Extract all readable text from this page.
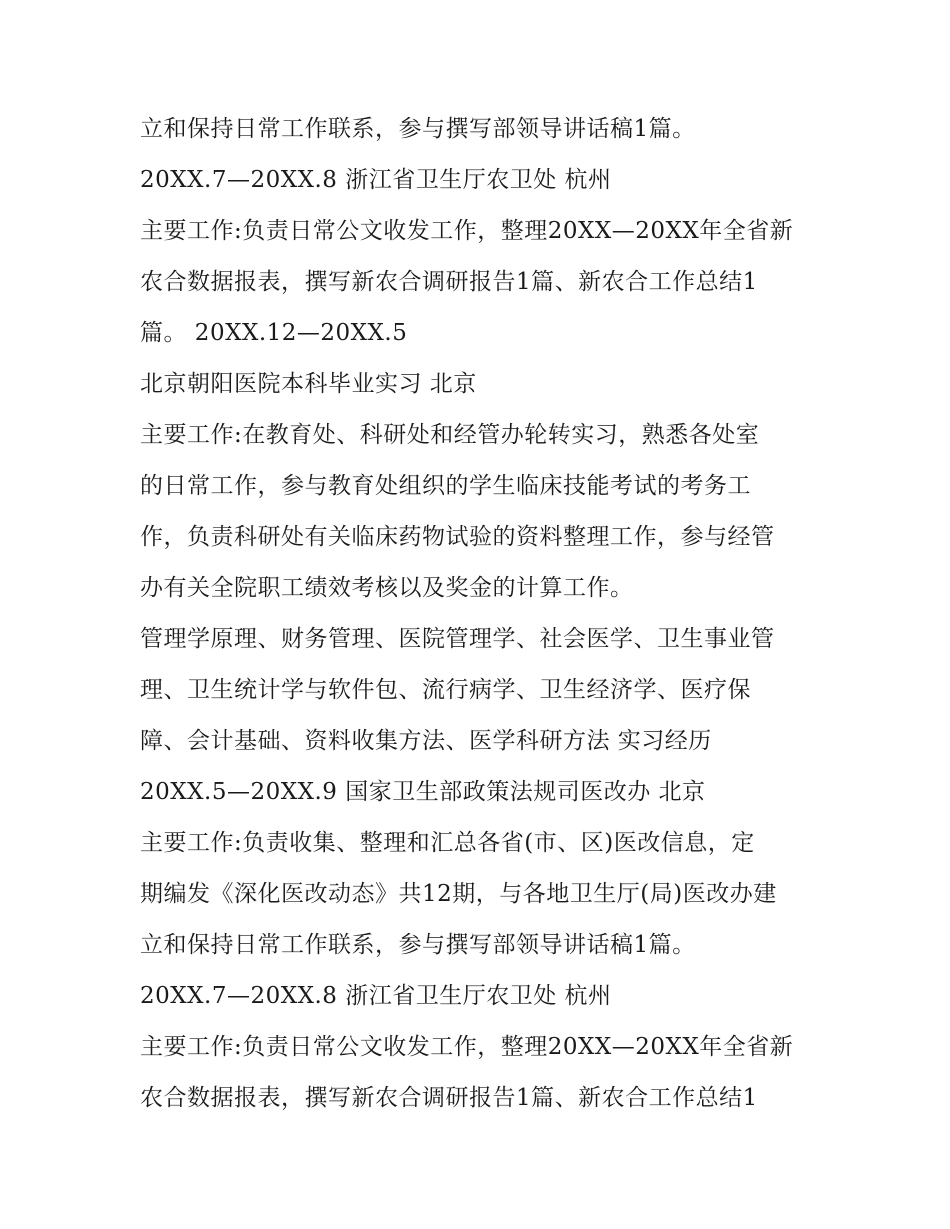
立和保持日常工作联系，参与撰写部领导讲话稿1篇。
20XX.7—20XX.8 浙江省卫生厅农卫处 杭州
主要工作:负责日常公文收发工作，整理20XX—20XX年全省新
农合数据报表，撰写新农合调研报告1篇、新农合工作总结1
篇。 20XX.12—20XX.5
北京朝阳医院本科毕业实习 北京
主要工作:在教育处、科研处和经管办轮转实习，熟悉各处室
的日常工作，参与教育处组织的学生临床技能考试的考务工
作，负责科研处有关临床药物试验的资料整理工作，参与经管
办有关全院职工绩效考核以及奖金的计算工作。
管理学原理、财务管理、医院管理学、社会医学、卫生事业管
理、卫生统计学与软件包、流行病学、卫生经济学、医疗保
障、会计基础、资料收集方法、医学科研方法 实习经历
20XX.5—20XX.9 国家卫生部政策法规司医改办 北京
主要工作:负责收集、整理和汇总各省(市、区)医改信息，定
期编发《深化医改动态》共12期，与各地卫生厅(局)医改办建
立和保持日常工作联系，参与撰写部领导讲话稿1篇。
20XX.7—20XX.8 浙江省卫生厅农卫处 杭州
主要工作:负责日常公文收发工作，整理20XX—20XX年全省新
农合数据报表，撰写新农合调研报告1篇、新农合工作总结1
